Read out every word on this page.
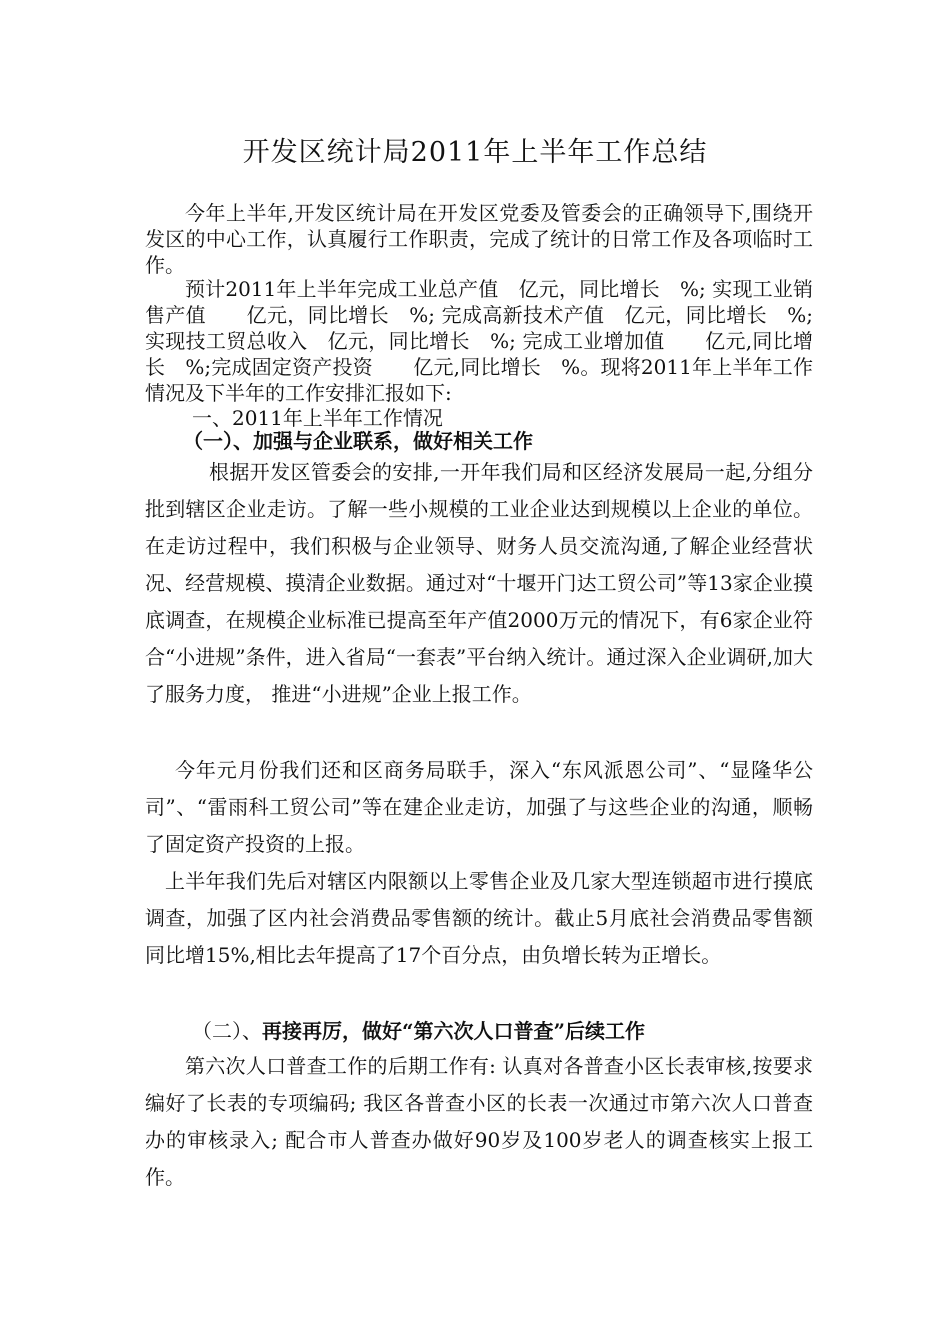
开发区统计局2011年上半年工作总结

今年上半年,开发区统计局在开发区党委及管委会的正确领导下,围绕开发区的中心工作，认真履行工作职责，完成了统计的日常工作及各项临时工作。

预计2011年上半年完成工业总产值　亿元，同比增长　%; 实现工业销售产值　　亿元，同比增长　%; 完成高新技术产值　亿元，同比增长　%; 实现技工贸总收入　亿元，同比增长　%; 完成工业增加值　　亿元,同比增长　%;完成固定资产投资　　亿元,同比增长　%。现将2011年上半年工作情况及下半年的工作安排汇报如下:

一、2011年上半年工作情况
（一）、加强与企业联系，做好相关工作

根据开发区管委会的安排,一开年我们局和区经济发展局一起,分组分批到辖区企业走访。了解一些小规模的工业企业达到规模以上企业的单位。在走访过程中，我们积极与企业领导、财务人员交流沟通,了解企业经营状况、经营规模、摸清企业数据。通过对“十堰开门达工贸公司”等13家企业摸底调查，在规模企业标准已提高至年产值2000万元的情况下，有6家企业符合“小进规”条件，进入省局“一套表”平台纳入统计。通过深入企业调研,加大了服务力度， 推进“小进规”企业上报工作。

今年元月份我们还和区商务局联手，深入“东风派恩公司”、“显隆华公司”、“雷雨科工贸公司”等在建企业走访，加强了与这些企业的沟通，顺畅了固定资产投资的上报。

上半年我们先后对辖区内限额以上零售企业及几家大型连锁超市进行摸底调查，加强了区内社会消费品零售额的统计。截止5月底社会消费品零售额同比增15%,相比去年提高了17个百分点，由负增长转为正增长。

（二）、再接再厉，做好“第六次人口普查”后续工作

第六次人口普查工作的后期工作有: 认真对各普查小区长表审核,按要求编好了长表的专项编码; 我区各普查小区的长表一次通过市第六次人口普查办的审核录入; 配合市人普查办做好90岁及100岁老人的调查核实上报工作。
